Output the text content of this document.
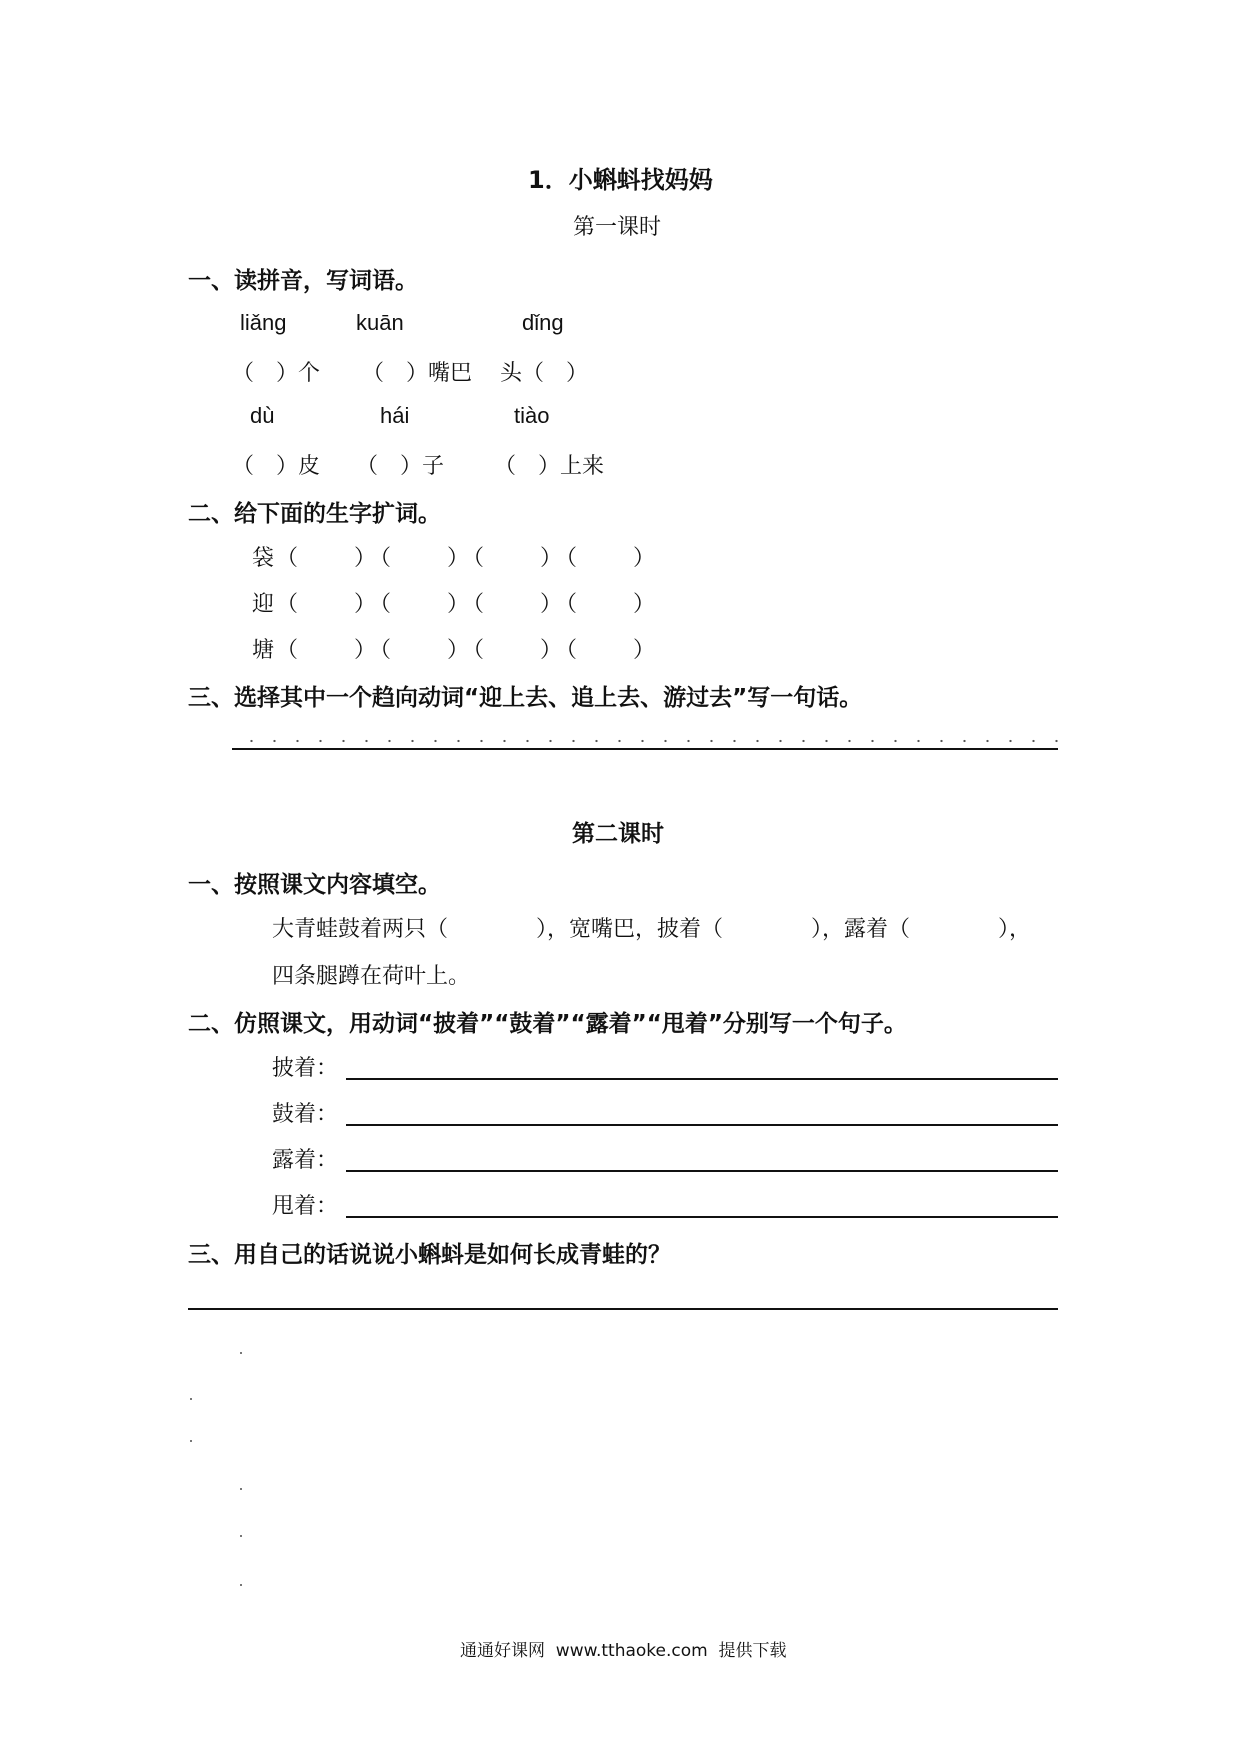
1．小蝌蚪找妈妈
第一课时
一、读拼音，写词语。
liǎng	kuān	dǐng
（　）个 （　）嘴巴 头（　）
dù	hái	tiào
（　）皮 （　）子 （　）上来
二、给下面的生字扩词。
袋 （　　）（　　）（　　）（　　）
迎 （　　）（　　）（　　）（　　）
塘 （　　）（　　）（　　）（　　）
三、选择其中一个趋向动词“迎上去、追上去、游过去”写一句话。
第二课时
一、按照课文内容填空。
大青蛙鼓着两只（　　　　），宽嘴巴，披着（　　　　），露着（　　　　），
四条腿蹲在荷叶上。
二、仿照课文，用动词“披着”“鼓着”“露着”“甩着”分别写一个句子。
披着：
鼓着：
露着：
甩着：
三、用自己的话说说小蝌蚪是如何长成青蛙的？
通通好课网  www.tthaoke.com  提供下载
